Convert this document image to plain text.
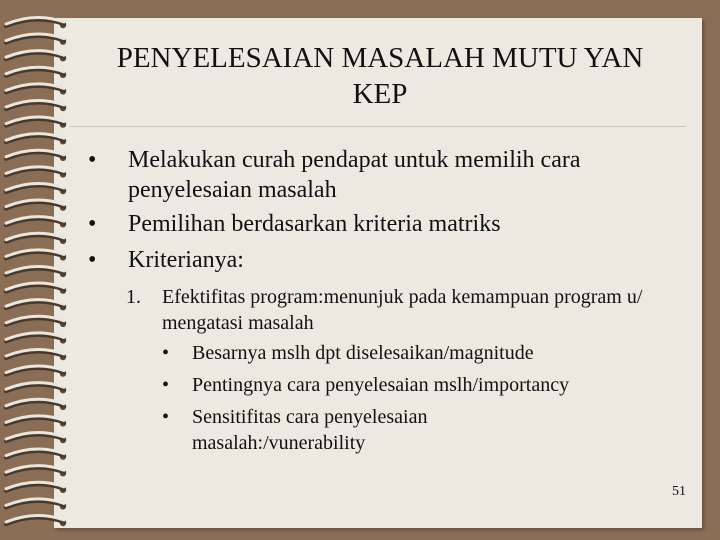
PENYELESAIAN MASALAH MUTU YAN
KEP
• Melakukan curah pendapat untuk memilih cara penyelesaian masalah
• Pemilihan berdasarkan kriteria matriks
• Kriterianya:
1. Efektifitas program:menunjuk pada kemampuan program u/ mengatasi masalah
• Besarnya mslh dpt diselesaikan/magnitude
• Pentingnya cara penyelesaian mslh/importancy
• Sensitifitas cara penyelesaian masalah:/vunerability
51
